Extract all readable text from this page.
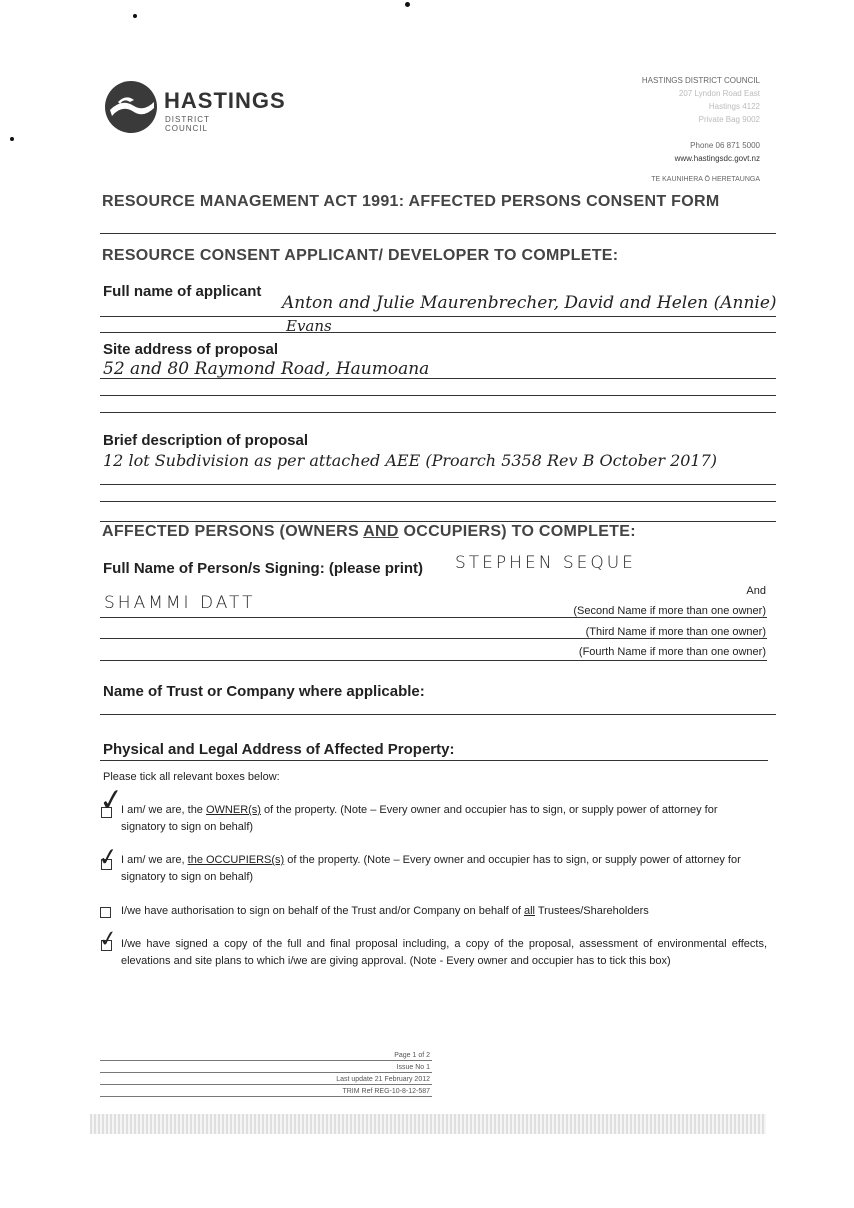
HASTINGS
DISTRICT COUNCIL
HASTINGS DISTRICT COUNCIL
207 Lyndon Road East
Hastings 4122
Private Bag 9002
Phone 06 871 5000
www.hastingsdc.govt.nz
TE KAUNIHERA Ō HERETAUNGA
RESOURCE MANAGEMENT ACT 1991: AFFECTED PERSONS CONSENT FORM
RESOURCE CONSENT APPLICANT/ DEVELOPER TO COMPLETE:
Full name of applicant
Anton and Julie Maurenbrecher, David and Helen (Annie)
Evans
Site address of proposal
52 and 80 Raymond Road, Haumoana
Brief description of proposal
12 lot Subdivision as per attached AEE (Proarch 5358 Rev B October 2017)
AFFECTED PERSONS (OWNERS AND OCCUPIERS) TO COMPLETE:
Full Name of Person/s Signing: (please print) STEPHEN SEQUE
And
SHAMMI DATT	(Second Name if more than one owner)
(Third Name if more than one owner)
(Fourth Name if more than one owner)
Name of Trust or Company where applicable:
Physical and Legal Address of Affected Property:
Please tick all relevant boxes below:
✓
I am/ we are, the OWNER(s) of the property. (Note – Every owner and occupier has to sign, or supply power of attorney for signatory to sign on behalf)
✓ I am/ we are, the OCCUPIERS(s) of the property. (Note – Every owner and occupier has to sign, or supply power of attorney for signatory to sign on behalf)
I/we have authorisation to sign on behalf of the Trust and/or Company on behalf of all Trustees/Shareholders
✓ I/we have signed a copy of the full and final proposal including, a copy of the proposal, assessment of environmental effects, elevations and site plans to which i/we are giving approval. (Note - Every owner and occupier has to tick this box)
Page 1 of 2
Issue No 1
Last update 21 February 2012
TRIM Ref REG-10-8-12-587
